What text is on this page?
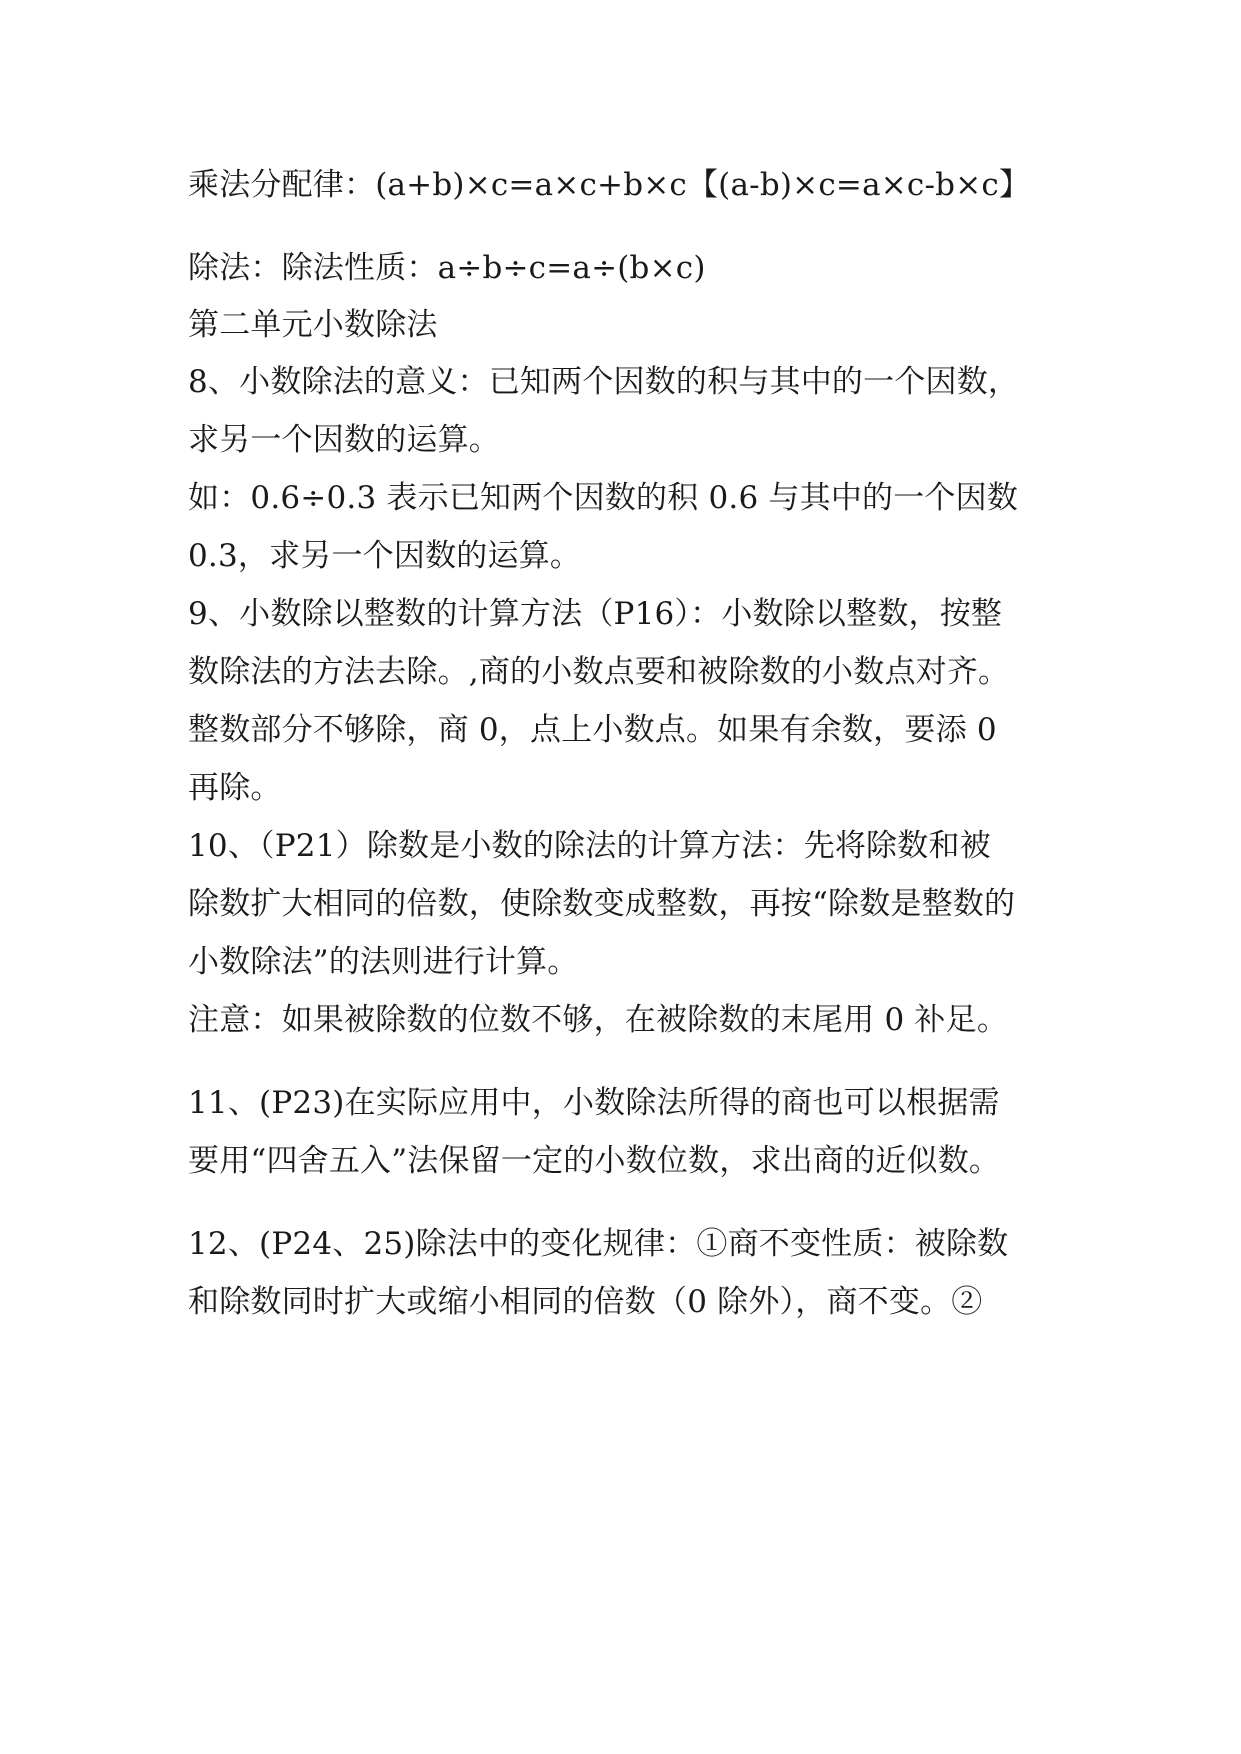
乘法分配律：(a+b)×c=a×c+b×c【(a-b)×c=a×c-b×c】
除法：除法性质：a÷b÷c=a÷(b×c)
第二单元小数除法
8、小数除法的意义：已知两个因数的积与其中的一个因数，
求另一个因数的运算。
如：0.6÷0.3 表示已知两个因数的积 0.6 与其中的一个因数
0.3，求另一个因数的运算。
9、小数除以整数的计算方法（P16）：小数除以整数，按整
数除法的方法去除。,商的小数点要和被除数的小数点对齐。
整数部分不够除，商 0，点上小数点。如果有余数，要添 0
再除。
10、（P21）除数是小数的除法的计算方法：先将除数和被
除数扩大相同的倍数，使除数变成整数，再按“除数是整数的
小数除法”的法则进行计算。
注意：如果被除数的位数不够，在被除数的末尾用 0 补足。
11、(P23)在实际应用中，小数除法所得的商也可以根据需
要用“四舍五入”法保留一定的小数位数，求出商的近似数。
12、(P24、25)除法中的变化规律：①商不变性质：被除数
和除数同时扩大或缩小相同的倍数（0 除外），商不变。②
